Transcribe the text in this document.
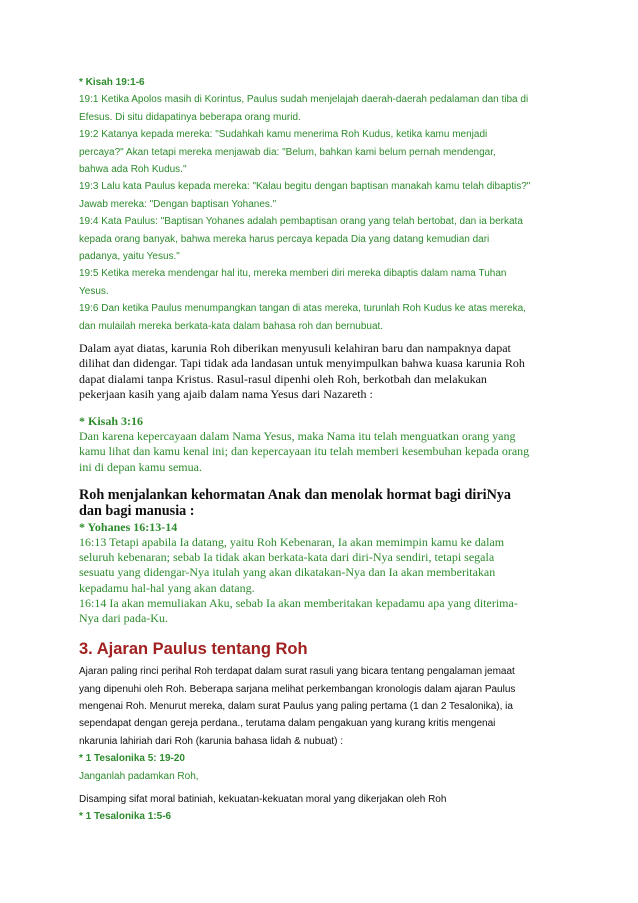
* Kisah 19:1-6

19:1 Ketika Apolos masih di Korintus, Paulus sudah menjelajah daerah-daerah pedalaman dan tiba di

Efesus. Di situ didapatinya beberapa orang murid.

19:2 Katanya kepada mereka: "Sudahkah kamu menerima Roh Kudus, ketika kamu menjadi

percaya?" Akan tetapi mereka menjawab dia: "Belum, bahkan kami belum pernah mendengar,

bahwa ada Roh Kudus."

19:3 Lalu kata Paulus kepada mereka: "Kalau begitu dengan baptisan manakah kamu telah dibaptis?"

Jawab mereka: "Dengan baptisan Yohanes."

19:4 Kata Paulus: "Baptisan Yohanes adalah pembaptisan orang yang telah bertobat, dan ia berkata

kepada orang banyak, bahwa mereka harus percaya kepada Dia yang datang kemudian dari

padanya, yaitu Yesus."

19:5 Ketika mereka mendengar hal itu, mereka memberi diri mereka dibaptis dalam nama Tuhan

Yesus.

19:6 Dan ketika Paulus menumpangkan tangan di atas mereka, turunlah Roh Kudus ke atas mereka,

dan mulailah mereka berkata-kata dalam bahasa roh dan bernubuat.

Dalam ayat diatas, karunia Roh diberikan menyusuli kelahiran baru dan nampaknya dapat

dilihat dan didengar. Tapi tidak ada landasan untuk menyimpulkan bahwa kuasa karunia Roh

dapat dialami tanpa Kristus. Rasul-rasul dipenhi oleh Roh, berkotbah dan melakukan

pekerjaan kasih yang ajaib dalam nama Yesus dari Nazareth :

* Kisah 3:16

Dan karena kepercayaan dalam Nama Yesus, maka Nama itu telah menguatkan orang yang

kamu lihat dan kamu kenal ini; dan kepercayaan itu telah memberi kesembuhan kepada orang

ini di depan kamu semua.

Roh menjalankan kehormatan Anak dan menolak hormat bagi diriNya

dan bagi manusia :

* Yohanes 16:13-14

16:13 Tetapi apabila Ia datang, yaitu Roh Kebenaran, Ia akan memimpin kamu ke dalam

seluruh kebenaran; sebab Ia tidak akan berkata-kata dari diri-Nya sendiri, tetapi segala

sesuatu yang didengar-Nya itulah yang akan dikatakan-Nya dan Ia akan memberitakan

kepadamu hal-hal yang akan datang.

16:14 Ia akan memuliakan Aku, sebab Ia akan memberitakan kepadamu apa yang diterima-

Nya dari pada-Ku.

3. Ajaran Paulus tentang Roh

Ajaran paling rinci perihal Roh terdapat dalam surat rasuli yang bicara tentang pengalaman jemaat

yang dipenuhi oleh Roh. Beberapa sarjana melihat perkembangan kronologis dalam ajaran Paulus

mengenai Roh. Menurut mereka, dalam surat Paulus yang paling pertama (1 dan 2 Tesalonika), ia

sependapat dengan gereja perdana., terutama dalam pengakuan yang kurang kritis mengenai

nkarunia lahiriah dari Roh (karunia bahasa lidah & nubuat) :

* 1 Tesalonika 5: 19-20

Janganlah padamkan Roh,

Disamping sifat moral batiniah, kekuatan-kekuatan moral yang dikerjakan oleh Roh

* 1 Tesalonika 1:5-6
